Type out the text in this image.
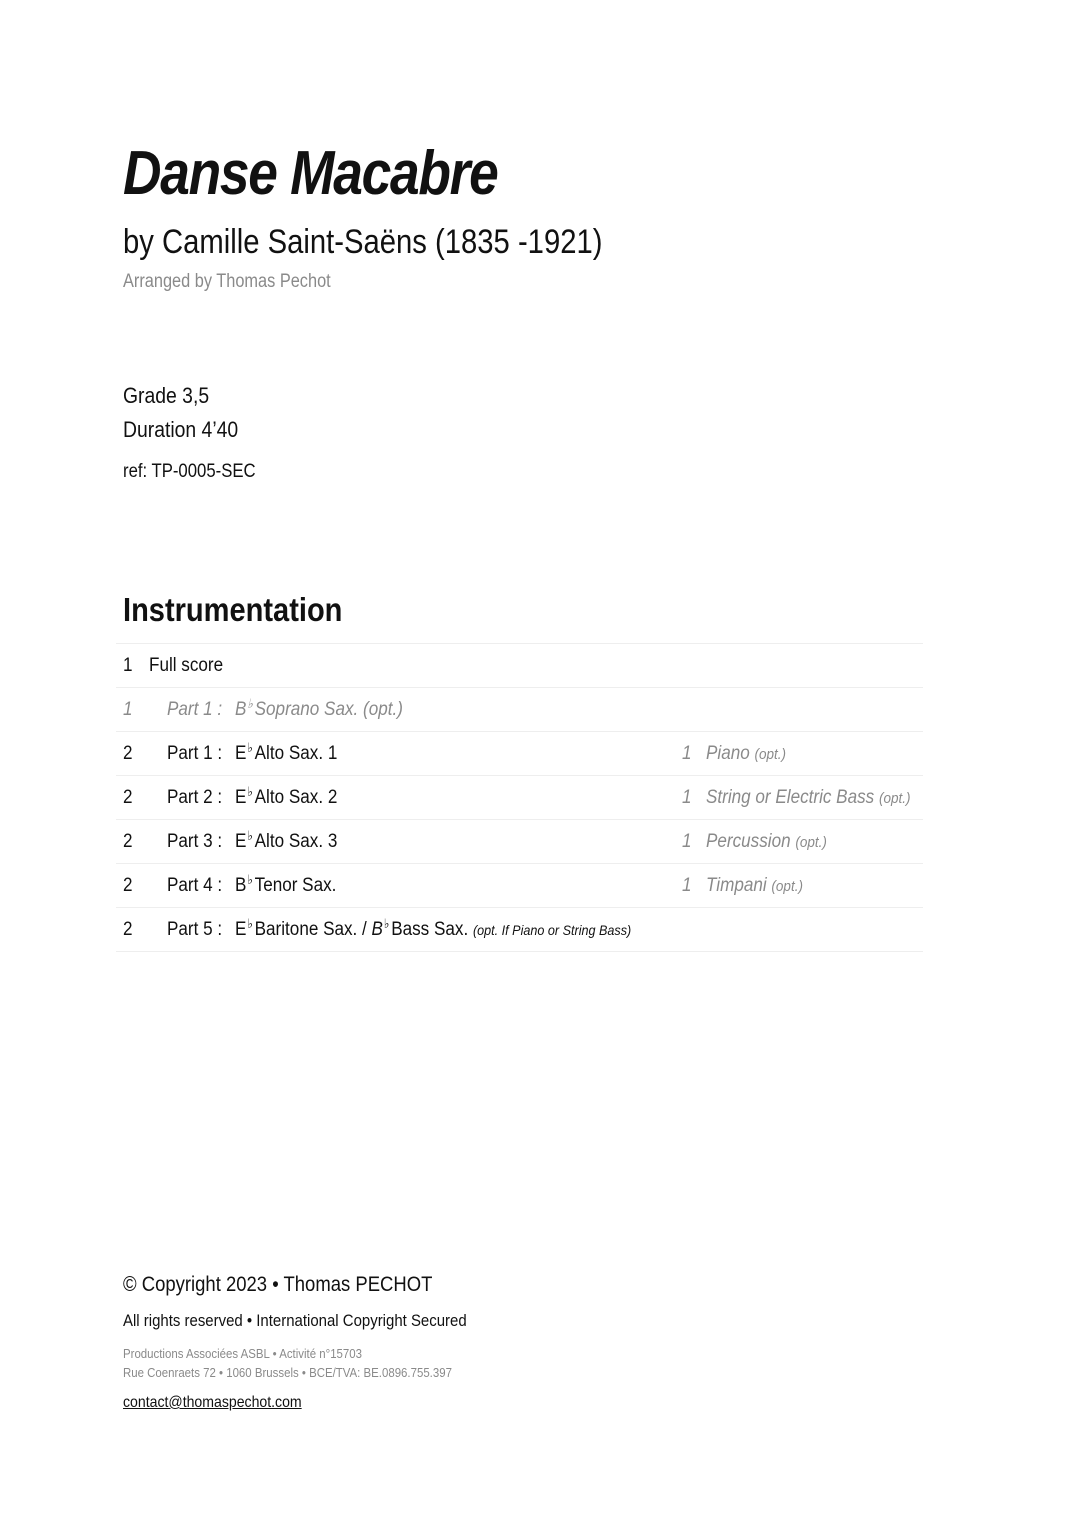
Danse Macabre
by Camille Saint-Saëns (1835 -1921)
Arranged by Thomas Pechot
Grade 3,5
Duration 4’40
ref: TP-0005-SEC
Instrumentation
1 Full score
1 Part 1 : B♭Soprano Sax. (opt.)
2 Part 1 : E♭Alto Sax. 1	1 Piano (opt.)
2 Part 2 : E♭Alto Sax. 2	1 String or Electric Bass (opt.)
2 Part 3 : E♭Alto Sax. 3	1 Percussion (opt.)
2 Part 4 : B♭Tenor Sax.	1 Timpani (opt.)
2 Part 5 : E♭Baritone Sax. / B♭Bass Sax. (opt. If Piano or String Bass)
© Copyright 2023 • Thomas PECHOT
All rights reserved • International Copyright Secured
Productions Associées ASBL • Activité n°15703
Rue Coenraets 72 • 1060 Brussels • BCE/TVA: BE.0896.755.397
contact@thomaspechot.com
